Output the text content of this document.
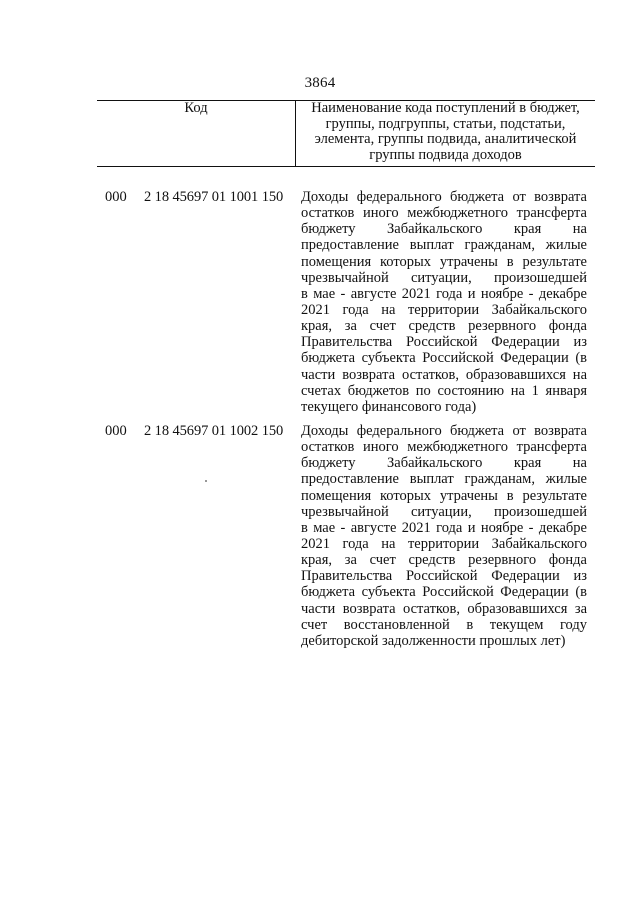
3864
Код	Наименование кода поступлений в бюджет, группы, подгруппы, статьи, подстатьи, элемента, группы подвида, аналитической группы подвида доходов
000 2 18 45697 01 1001 150 Доходы федерального бюджета от возврата
остатков иного межбюджетного трансферта
бюджету Забайкальского края на
предоставление выплат гражданам, жилые
помещения которых утрачены в результате
чрезвычайной ситуации, произошедшей
в мае - августе 2021 года и ноябре - декабре
2021 года на территории Забайкальского
края, за счет средств резервного фонда
Правительства Российской Федерации из
бюджета субъекта Российской Федерации (в
части возврата остатков, образовавшихся на
счетах бюджетов по состоянию на 1 января
текущего финансового года)
000 2 18 45697 01 1002 150 Доходы федерального бюджета от возврата
остатков иного межбюджетного трансферта
бюджету Забайкальского края на
предоставление выплат гражданам, жилые
помещения которых утрачены в результате
чрезвычайной ситуации, произошедшей
в мае - августе 2021 года и ноябре - декабре
2021 года на территории Забайкальского
края, за счет средств резервного фонда
Правительства Российской Федерации из
бюджета субъекта Российской Федерации (в
части возврата остатков, образовавшихся за
счет восстановленной в текущем году
дебиторской задолженности прошлых лет)
